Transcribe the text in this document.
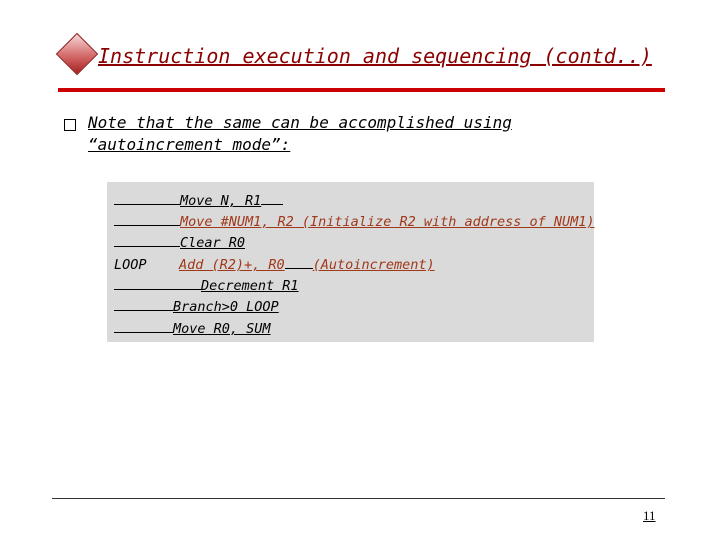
Instruction execution and sequencing (contd..)
Note that the same can be accomplished using “autoincrement mode”:
Move N, R1
Move #NUM1, R2 (Initialize R2 with address of NUM1)
Clear R0
LOOP Add (R2)+, R0 (Autoincrement)
Decrement R1
Branch>0 LOOP
Move R0, SUM
11
